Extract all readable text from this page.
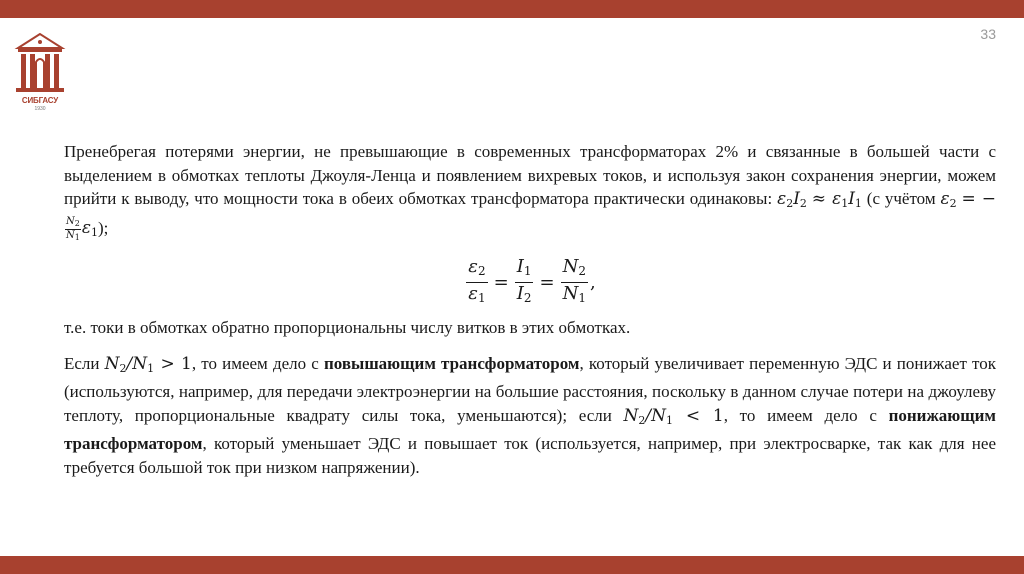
33
СИБГАСУ
1930

Пренебрегая потерями энергии, не превышающие в современных трансформаторах 2% и связанные в большей части с выделением в обмотках теплоты Джоуля-Ленца и появлением вихревых токов, и используя закон сохранения энергии, можем прийти к выводу, что мощности тока в обеих обмотках трансформатора практически одинаковы: $\varepsilon_2I_2 \approx \varepsilon_1I_1$ (с учётом $\varepsilon_2$ = −
$\frac{N_2}{N_1} \varepsilon_1$);

$\frac{\varepsilon_2}{\varepsilon_1} = \frac{I_1}{I_2} = \frac{N_2}{N_1}$ ,

т.е. токи в обмотках обратно пропорциональны числу витков в этих обмотках.

Если $N_2/N_1 > 1$, то имеем дело с повышающим трансформатором, который увеличивает переменную ЭДС и понижает ток (используются, например, для передачи электроэнергии на большие расстояния, поскольку в данном случае потери на джоулеву теплоту, пропорциональные квадрату силы тока, уменьшаются); если $N_2/N_1 < 1$, то имеем дело с понижающим трансформатором, который уменьшает ЭДС и повышает ток (используется, например, при электросварке, так как для нее требуется большой ток при низком напряжении).
